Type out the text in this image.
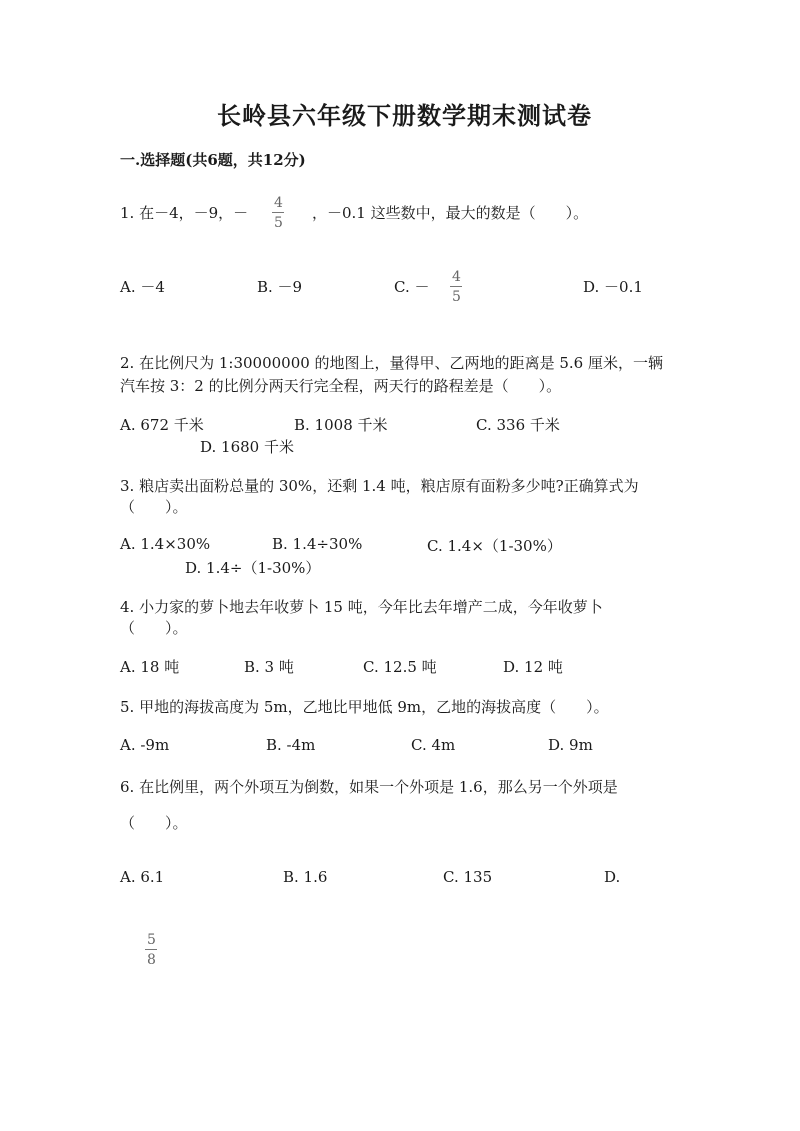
长岭县六年级下册数学期末测试卷
一.选择题(共6题，共12分)
1. 在－4，－9，－
4
5
，－0.1 这些数中，最大的数是（　　）。
A. －4	B. －9	C. －
4
5
D. －0.1
2. 在比例尺为 1:30000000 的地图上，量得甲、乙两地的距离是 5.6 厘米，一辆
汽车按 3：2 的比例分两天行完全程，两天行的路程差是（　　）。
A. 672 千米	B. 1008 千米	C. 336 千米
D. 1680 千米
3. 粮店卖出面粉总量的 30%，还剩 1.4 吨，粮店原有面粉多少吨?正确算式为
（　　）。
A. 1.4×30%	B. 1.4÷30%	C. 1.4×（1-30%）
D. 1.4÷（1-30%）
4. 小力家的萝卜地去年收萝卜 15 吨，今年比去年增产二成，今年收萝卜
（　　）。
A. 18 吨	B. 3 吨	C. 12.5 吨	D. 12 吨
5. 甲地的海拔高度为 5m，乙地比甲地低 9m，乙地的海拔高度（　　）。
A. -9m	B. -4m	C. 4m	D. 9m
6. 在比例里，两个外项互为倒数，如果一个外项是 1.6，那么另一个外项是
（　　）。
A. 6.1	B. 1.6	C. 135	D.
5
8
